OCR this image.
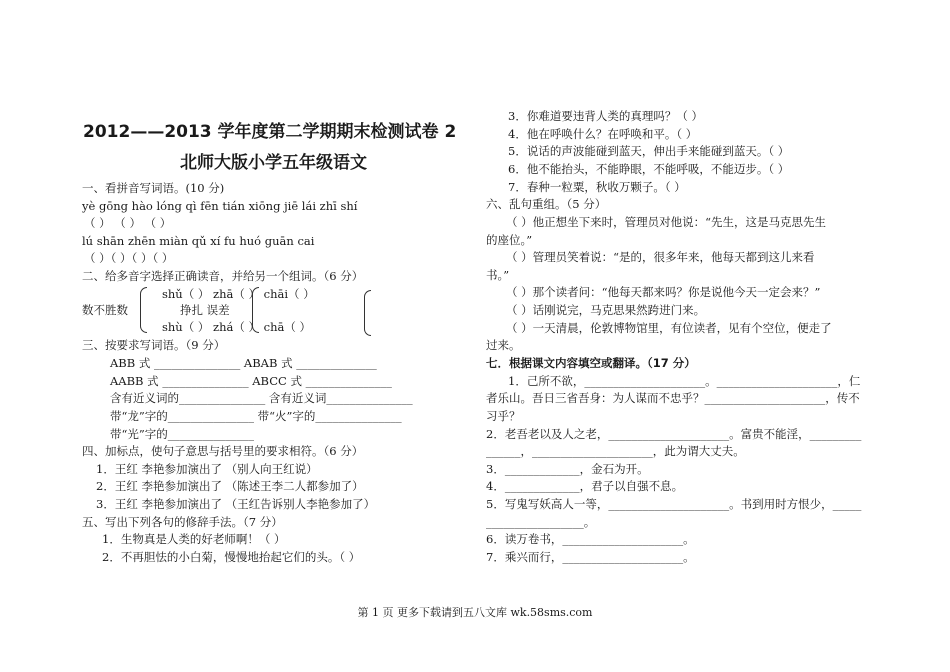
2012——2013 学年度第二学期期末检测试卷 2
北师大版小学五年级语文
一、看拼音写词语。(10 分)
yè gōng hào lóng qì fēn tián xiōng jiē lái zhī shí
（ ） （ ） （ ）
lú shān zhēn miàn qǔ xí fu huó guān cai
（ ）（ ）（ ）（ ）
二、给多音字选择正确读音，并给另一个组词。（6 分）
shǔ（ ） zhā（ ） chāi（ ）
数不胜数	挣扎 误差
shù（ ） zhá（ ） chā（ ）
三、按要求写词语。（9 分）
ABB 式 _______________ ABAB 式 ______________
AABB 式 _______________ ABCC 式 _______________
含有近义词的_______________ 含有近义词_______________
带“龙”字的_______________ 带“火”字的_______________
带“光”字的_______________
四、加标点，使句子意思与括号里的要求相符。（6 分）
1．王红 李艳参加演出了 （别人向王红说）
2．王红 李艳参加演出了 （陈述王李二人都参加了）
3．王红 李艳参加演出了 （王红告诉别人李艳参加了）
五、写出下列各句的修辞手法。（7 分）
1．生物真是人类的好老师啊！（ ）
2．不再胆怯的小白菊，慢慢地抬起它们的头。（ ）
3．你难道要违背人类的真理吗？（ ）
4．他在呼唤什么？在呼唤和平。（ ）
5．说话的声波能碰到蓝天，伸出手来能碰到蓝天。（ ）
6．他不能抬头，不能睁眼，不能呼吸，不能迈步。（ ）
7．春种一粒粟，秋收万颗子。（ ）
六、乱句重组。（5 分）
（ ）他正想坐下来时，管理员对他说：“先生，这是马克思先生
的座位。”
（ ）管理员笑着说：“是的，很多年来，他每天都到这儿来看
书。”
（ ）那个读者问：“他每天都来吗？你是说他今天一定会来？”
（ ）话刚说完，马克思果然跨进门来。
（ ）一天清晨，伦敦博物馆里，有位读者，见有个空位，便走了
过来。
七．根据课文内容填空或翻译。（17 分）
1．己所不欲，_____________________。_____________________，仁
者乐山。吾日三省吾身：为人谋而不忠乎？_____________________，传不
习乎？
2．老吾老以及人之老，_____________________。富贵不能淫，_________
______，_____________________，此为谓大丈夫。
3．_____________，金石为开。
4．_____________，君子以自强不息。
5．写鬼写妖高人一等，_____________________。书到用时方恨少，_____
_________________。
6．读万卷书，_____________________。
7．乘兴而行，_____________________。
第 1 页 更多下载请到五八文库 wk.58sms.com
